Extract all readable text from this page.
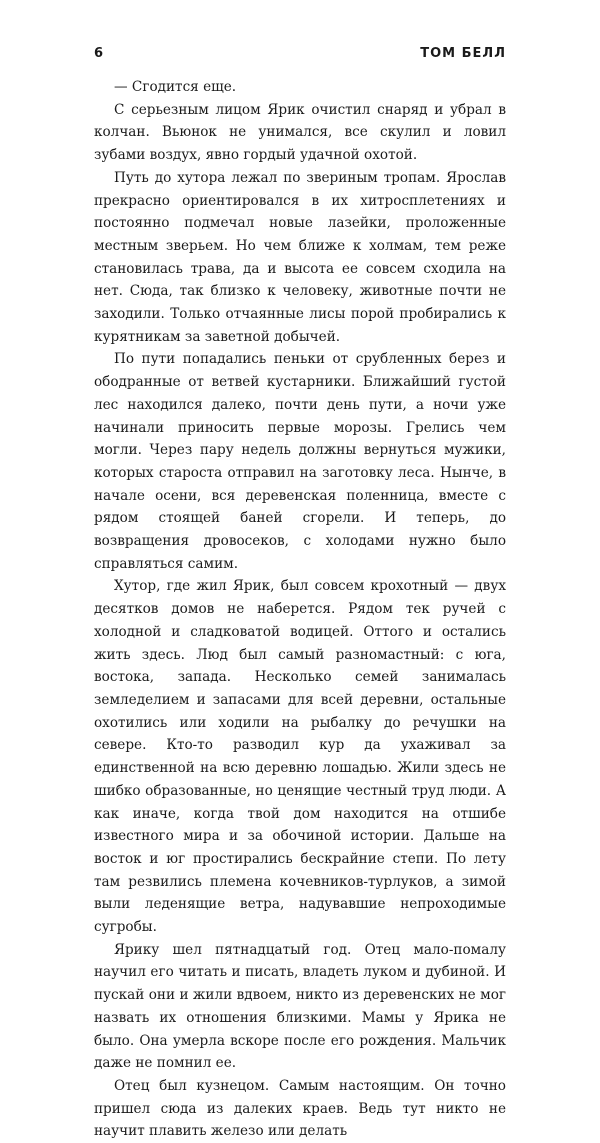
6	ТОМ БЕЛЛ

— Сгодится еще.

С серьезным лицом Ярик очистил снаряд и убрал в колчан. Вьюнок не унимался, все скулил и ловил зубами воздух, явно гордый удачной охотой.

Путь до хутора лежал по звериным тропам. Ярослав прекрасно ориентировался в их хитросплетениях и постоянно подмечал новые лазейки, проложенные местным зверьем. Но чем ближе к холмам, тем реже становилась трава, да и высота ее совсем сходила на нет. Сюда, так близко к человеку, животные почти не заходили. Только отчаянные лисы порой пробирались к курятникам за заветной добычей.

По пути попадались пеньки от срубленных берез и ободранные от ветвей кустарники. Ближайший густой лес находился далеко, почти день пути, а ночи уже начинали приносить первые морозы. Грелись чем могли. Через пару недель должны вернуться мужики, которых староста отправил на заготовку леса. Нынче, в начале осени, вся деревенская поленница, вместе с рядом стоящей баней сгорели. И теперь, до возвращения дровосеков, с холодами нужно было справляться самим.

Хутор, где жил Ярик, был совсем крохотный — двух десятков домов не наберется. Рядом тек ручей с холодной и сладковатой водицей. Оттого и остались жить здесь. Люд был самый разномастный: с юга, востока, запада. Несколько семей занималась земледелием и запасами для всей деревни, остальные охотились или ходили на рыбалку до речушки на севере. Кто-то разводил кур да ухаживал за единственной на всю деревню лошадью. Жили здесь не шибко образованные, но ценящие честный труд люди. А как иначе, когда твой дом находится на отшибе известного мира и за обочиной истории. Дальше на восток и юг простирались бескрайние степи. По лету там резвились племена кочевников-турлуков, а зимой выли леденящие ветра, надувавшие непроходимые сугробы.

Ярику шел пятнадцатый год. Отец мало-помалу научил его читать и писать, владеть луком и дубиной. И пускай они и жили вдвоем, никто из деревенских не мог назвать их отношения близкими. Мамы у Ярика не было. Она умерла вскоре после его рождения. Мальчик даже не помнил ее.

Отец был кузнецом. Самым настоящим. Он точно пришел сюда из далеких краев. Ведь тут никто не научит плавить железо или делать
